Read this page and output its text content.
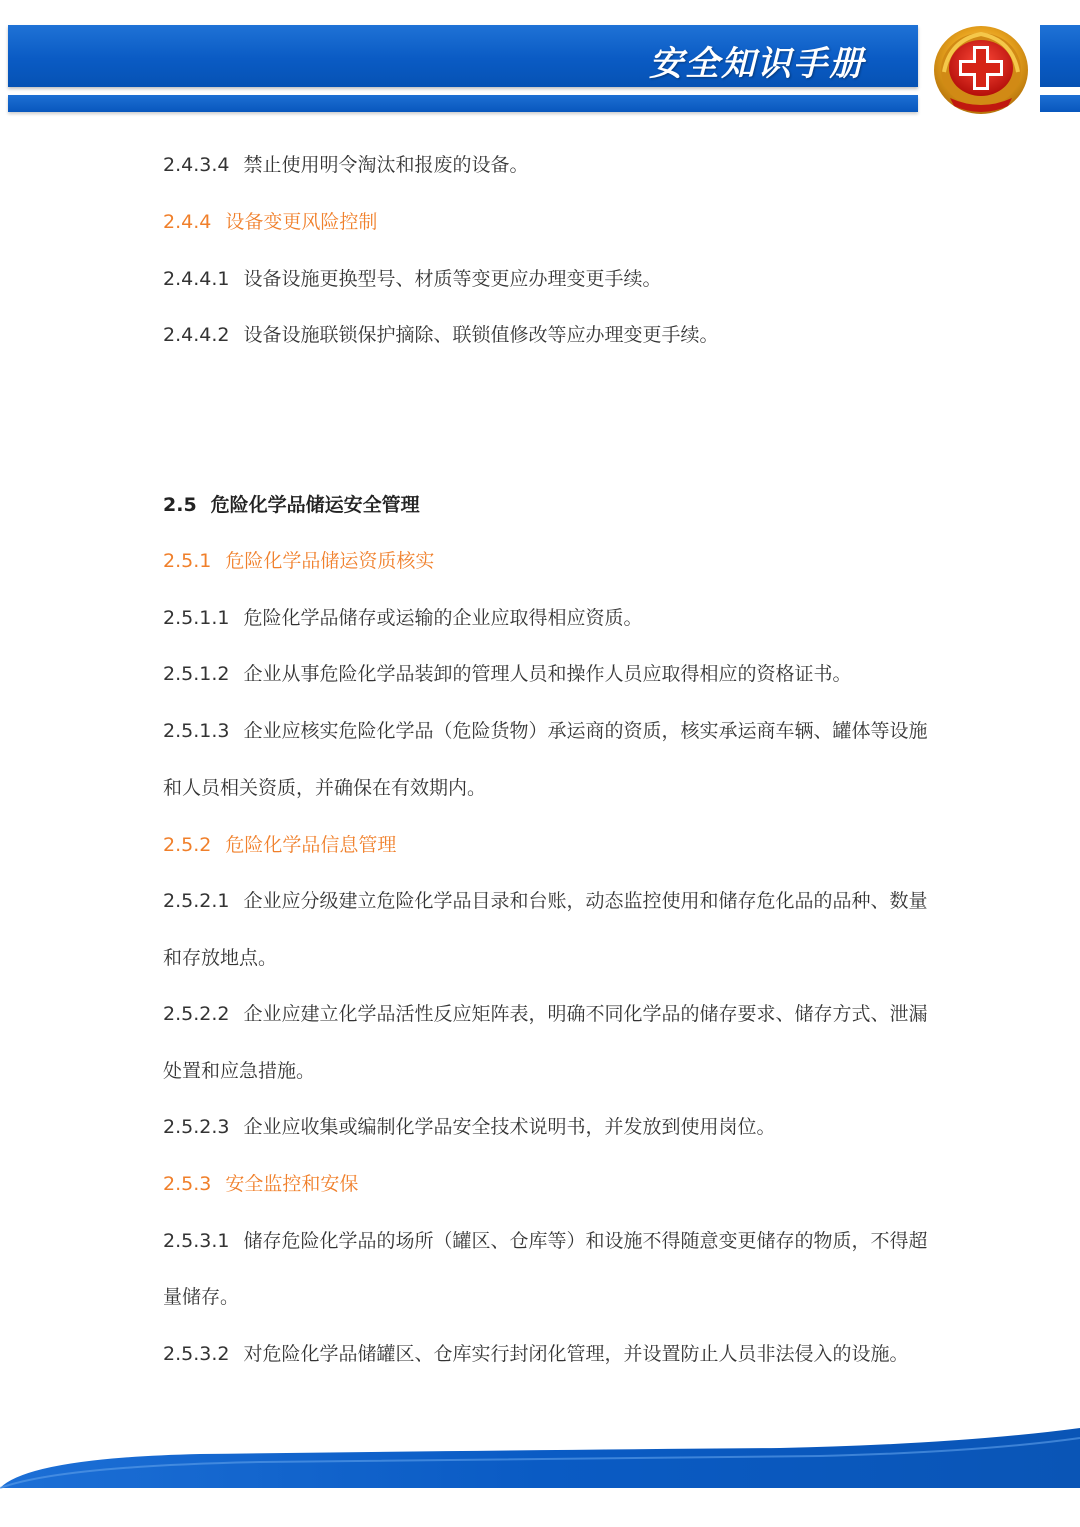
安全知识手册
2.4.3.4 禁止使用明令淘汰和报废的设备。
2.4.4 设备变更风险控制
2.4.4.1 设备设施更换型号、材质等变更应办理变更手续。
2.4.4.2 设备设施联锁保护摘除、联锁值修改等应办理变更手续。
2.5 危险化学品储运安全管理
2.5.1 危险化学品储运资质核实
2.5.1.1 危险化学品储存或运输的企业应取得相应资质。
2.5.1.2 企业从事危险化学品装卸的管理人员和操作人员应取得相应的资格证书。
2.5.1.3 企业应核实危险化学品（危险货物）承运商的资质，核实承运商车辆、罐体等设施
和人员相关资质，并确保在有效期内。
2.5.2 危险化学品信息管理
2.5.2.1 企业应分级建立危险化学品目录和台账，动态监控使用和储存危化品的品种、数量
和存放地点。
2.5.2.2 企业应建立化学品活性反应矩阵表，明确不同化学品的储存要求、储存方式、泄漏
处置和应急措施。
2.5.2.3 企业应收集或编制化学品安全技术说明书，并发放到使用岗位。
2.5.3 安全监控和安保
2.5.3.1 储存危险化学品的场所（罐区、仓库等）和设施不得随意变更储存的物质，不得超
量储存。
2.5.3.2 对危险化学品储罐区、仓库实行封闭化管理，并设置防止人员非法侵入的设施。
